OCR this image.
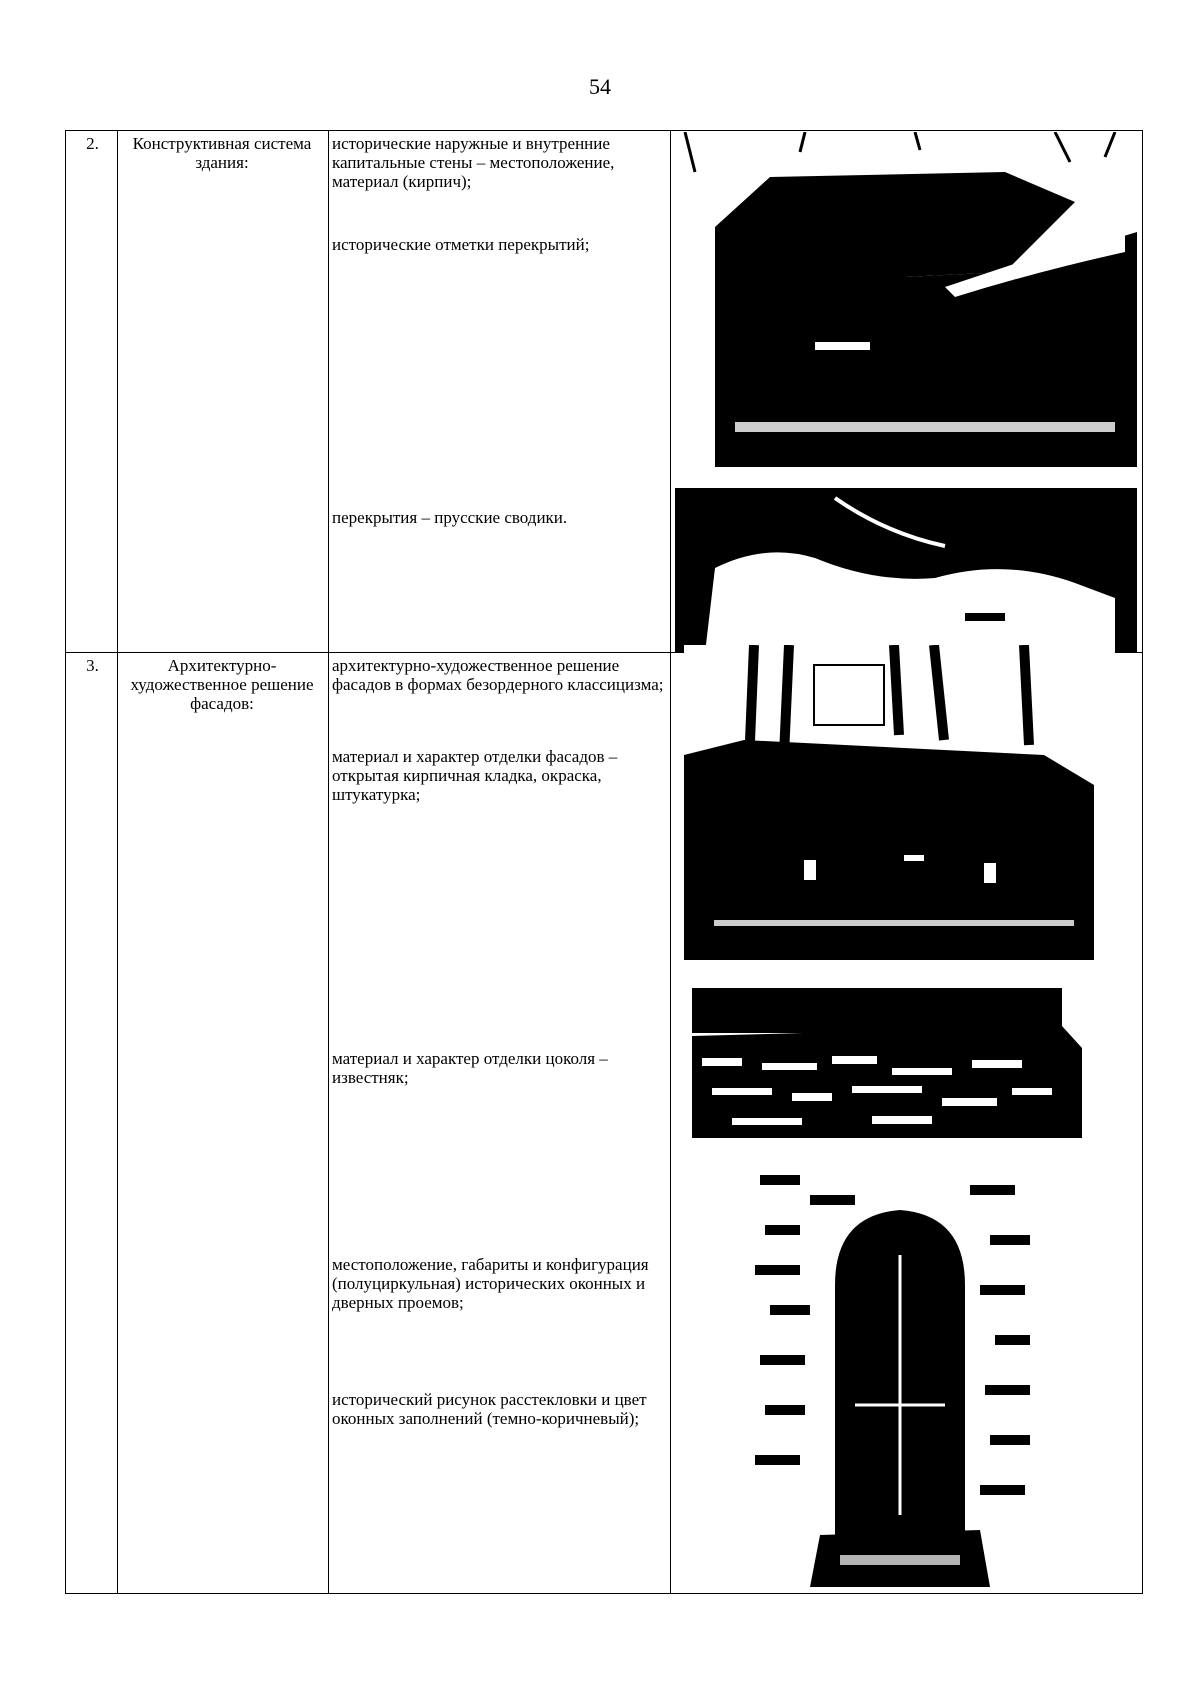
54
2.	Конструктивная система здания:
исторические наружные и внутренние капитальные стены – местоположение, материал (кирпич);
исторические отметки перекрытий;
перекрытия – прусские сводики.
3.	Архитектурно-художественное решение фасадов:
архитектурно-художественное решение фасадов в формах безордерного классицизма;
материал и характер отделки фасадов – открытая кирпичная кладка, окраска, штукатурка;
материал и характер отделки цоколя – известняк;
местоположение, габариты и конфигурация (полуциркульная) исторических оконных и дверных проемов;
исторический рисунок расстекловки и цвет оконных заполнений (темно-коричневый);
